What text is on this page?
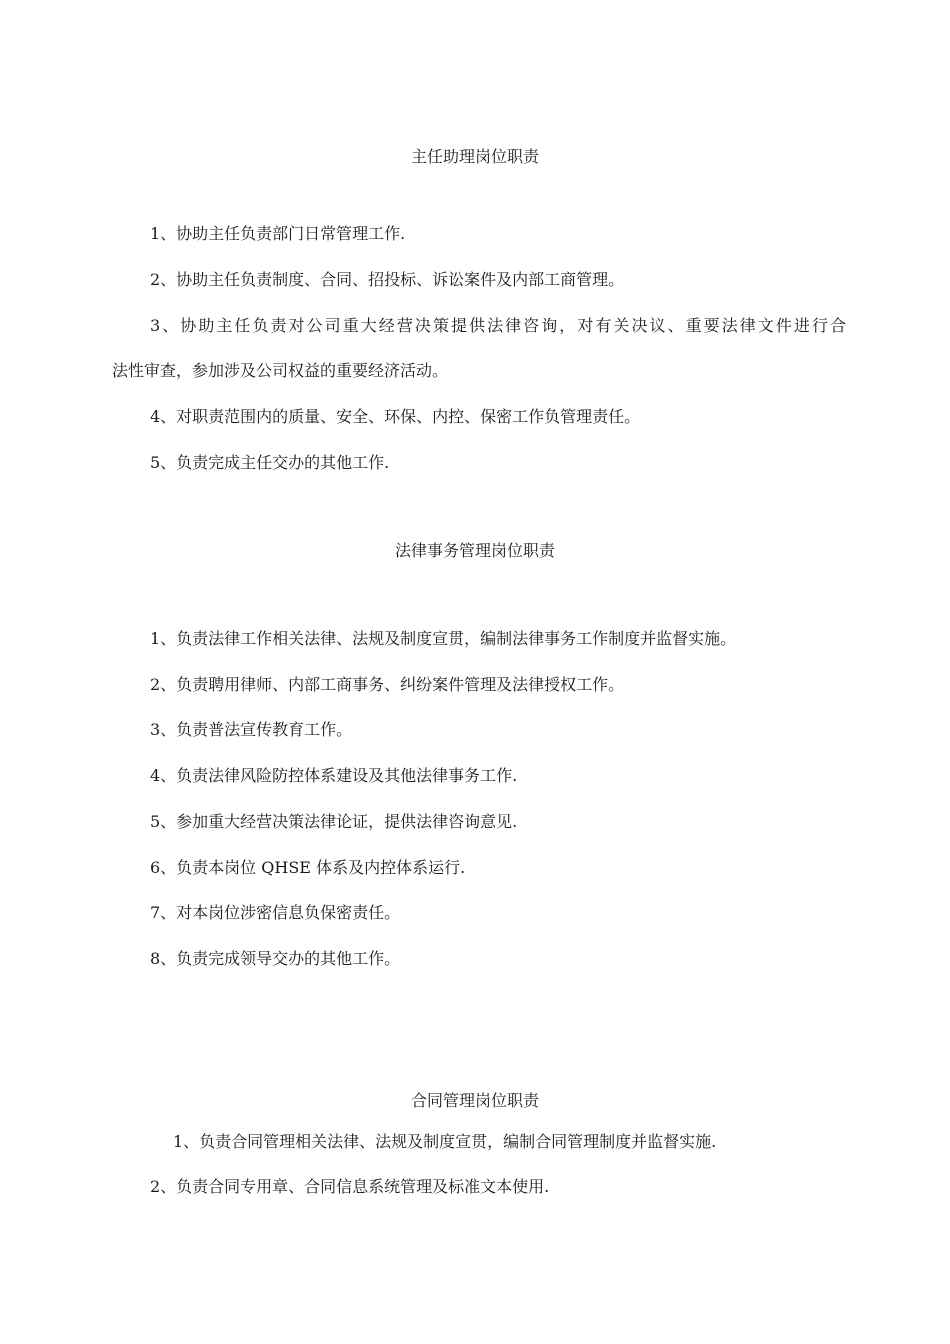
主任助理岗位职责
1、协助主任负责部门日常管理工作.
2、协助主任负责制度、合同、招投标、诉讼案件及内部工商管理。
3、协助主任负责对公司重大经营决策提供法律咨询，对有关决议、重要法律文件进行合
法性审查，参加涉及公司权益的重要经济活动。
4、对职责范围内的质量、安全、环保、内控、保密工作负管理责任。
5、负责完成主任交办的其他工作.
法律事务管理岗位职责
1、负责法律工作相关法律、法规及制度宣贯，编制法律事务工作制度并监督实施。
2、负责聘用律师、内部工商事务、纠纷案件管理及法律授权工作。
3、负责普法宣传教育工作。
4、负责法律风险防控体系建设及其他法律事务工作.
5、参加重大经营决策法律论证，提供法律咨询意见.
6、负责本岗位 QHSE 体系及内控体系运行.
7、对本岗位涉密信息负保密责任。
8、负责完成领导交办的其他工作。
合同管理岗位职责
1、负责合同管理相关法律、法规及制度宣贯，编制合同管理制度并监督实施.
2、负责合同专用章、合同信息系统管理及标准文本使用.
